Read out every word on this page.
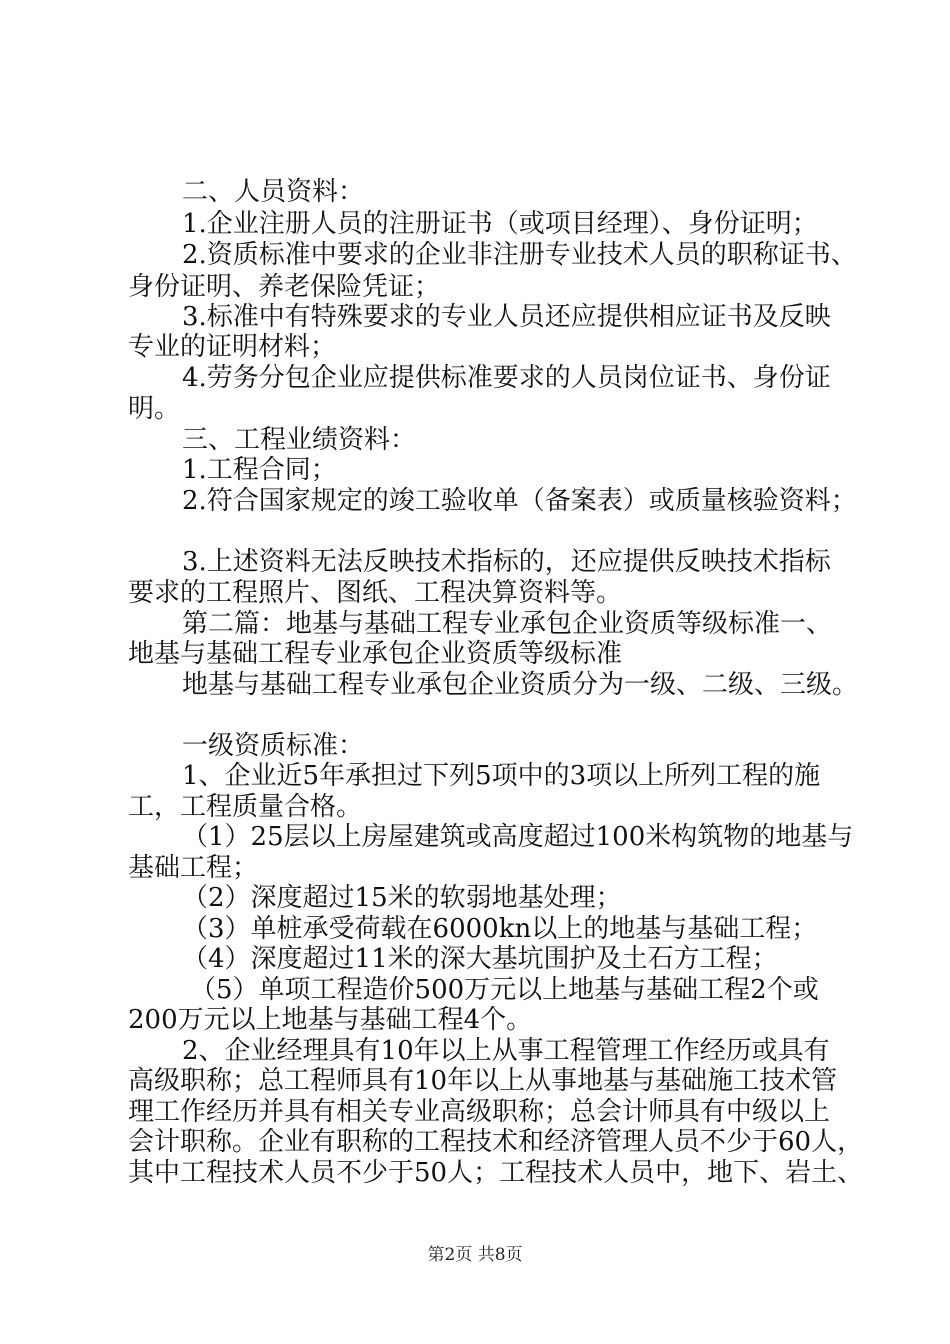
二、人员资料：
1.企业注册人员的注册证书（或项目经理）、身份证明；
2.资质标准中要求的企业非注册专业技术人员的职称证书、
身份证明、养老保险凭证；
3.标准中有特殊要求的专业人员还应提供相应证书及反映
专业的证明材料；
4.劳务分包企业应提供标准要求的人员岗位证书、身份证
明。
三、工程业绩资料：
1.工程合同；
2.符合国家规定的竣工验收单（备案表）或质量核验资料；
3.上述资料无法反映技术指标的，还应提供反映技术指标
要求的工程照片、图纸、工程决算资料等。
第二篇：地基与基础工程专业承包企业资质等级标准一、
地基与基础工程专业承包企业资质等级标准
地基与基础工程专业承包企业资质分为一级、二级、三级。
一级资质标准：
1、企业近5年承担过下列5项中的3项以上所列工程的施
工，工程质量合格。
（1）25层以上房屋建筑或高度超过100米构筑物的地基与
基础工程；
（2）深度超过15米的软弱地基处理；
（3）单桩承受荷载在6000kn以上的地基与基础工程；
（4）深度超过11米的深大基坑围护及土石方工程；
（5）单项工程造价500万元以上地基与基础工程2个或
200万元以上地基与基础工程4个。
2、企业经理具有10年以上从事工程管理工作经历或具有
高级职称；总工程师具有10年以上从事地基与基础施工技术管
理工作经历并具有相关专业高级职称；总会计师具有中级以上
会计职称。企业有职称的工程技术和经济管理人员不少于60人，
其中工程技术人员不少于50人；工程技术人员中，地下、岩土、
第2页 共8页
